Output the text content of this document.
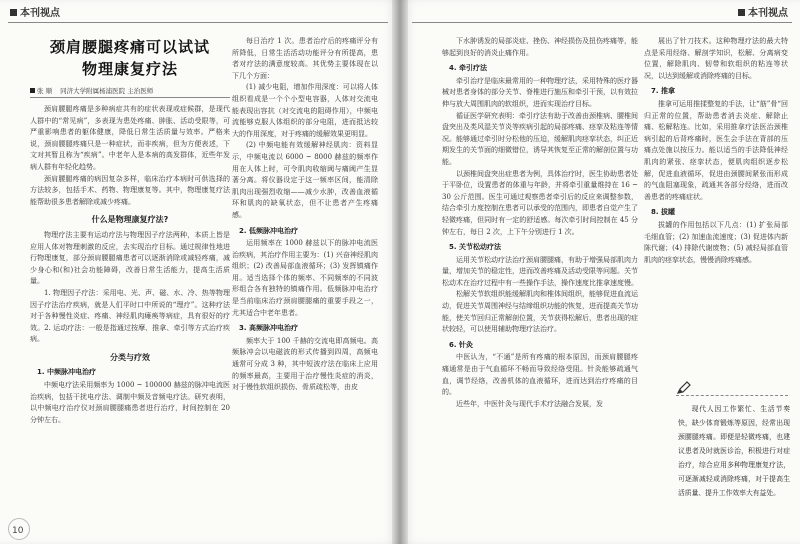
本刊视点
颈肩腰腿疼痛可以试试
物理康复疗法
张 顺 同济大学附属杨浦医院 主治医师

颈肩腰腿疼痛是多种病症共有的症状表现或症候群，是现代人群中的“常见病”，多表现为患处疼痛、肿胀、活动受限等，可严重影响患者的躯体健康，降低日常生活质量与效率。严格来说，颈肩腰腿疼痛只是一种症状，而非疾病，但为方便表述，下文对其暂且称为“疾病”。中老年人是本病的高发群体，近些年发病人群有年轻化趋势。

颈肩腰腿疼痛的病因复杂多样，临床治疗本病时可供选择的方法较多，包括手术、药物、物理康复等。其中，物理康复疗法能帮助很多患者解除或减少疼痛。

什么是物理康复疗法?

物理疗法主要有运动疗法与物理因子疗法两种，本质上皆是应用人体对物理刺激的反应，去实现治疗目标。通过规律性地进行物理康复，部分颈肩腰腿痛患者可以逐渐消除或减轻疼痛，减少身心和(和)社会功能障碍，改善日常生活能力，提高生活质量。

1. 物理因子疗法：采用电、光、声、磁、水、冷、热等物理因子疗法治疗疾病，就是人们平时口中所说的“理疗”。这种疗法对于各种慢性炎症、疼痛、神经肌肉瘫痪等病症，具有很好的疗效。2. 运动疗法：一般是指通过按摩、推拿、牵引等方式治疗疾病。

分类与疗效
1. 中频脉冲电治疗

中频电疗法采用频率为 1000 ~ 100000 赫兹的脉冲电流医治疾病，包括干扰电疗法、调制中频及音频电疗法。研究表明，以中频电疗治疗仪对颈肩腰腿痛患者进行治疗，时间控制在 20 分钟左右。

每日治疗 1 次。患者治疗后的疼痛评分有所降低，日常生活活动功能评分有所提高，患者对疗法的满意度较高。其优势主要体现在以下几个方面：

(1) 减少电阻，增加作用深度：可以将人体组织看成是一个个小型电容器，人体对交流电能表现出容抗（对交流电的阻碍作用），中频电流能够克服人体组织的部分电阻，进而抵达较大的作用深度，对于疼痛的缓解效果更明显。

(2) 中频电能有效缓解神经肌肉：资料显示，中频电流以 6000 ~ 8000 赫兹的频率作用在人体上时，可令肌肉收缩阈与痛阈产生显著分离。将仪器设定于这一频率区间，能清除肌肉出现强烈收缩——减少水肿，改善血液循环和肌肉的缺氧状态，但不让患者产生疼痛感。

2. 低频脉冲电治疗

运用频率在 1000 赫兹以下的脉冲电流医治疾病，其治疗作用主要为：(1) 兴奋神经肌肉组织；(2) 改善局部血液循环；(3) 发挥镇痛作用。适当选择个体的频率、不同频率的不同波形组合各有独特的镇痛作用。低频脉冲电治疗是当前临床治疗颈肩腰腿痛的重要手段之一，尤其适合中老年患者。

3. 高频脉冲电治疗

频率大于 100 千赫的交流电即高频电。高频脉冲会以电磁波的形式传播到四周，高频电通常可分成 3 种，其中短波疗法在临床上应用的频率最高，主要用于治疗慢性炎症的消炎，对于慢性软组织损伤、骨质疏松等，由皮

10
本刊视点

下水肿诱发的局部炎症、挫伤、神经损伤及扭伤疼痛等，能够起到良好的消炎止痛作用。

4. 牵引疗法

牵引治疗是临床最常用的一种物理疗法，采用特殊的医疗器械对患者身体的部分关节、脊椎进行施压和牵引干预，以有效拉伸与放大周围肌肉的软组织，进而实现治疗目标。

循证医学研究表明：牵引疗法有助于改善由颈椎病、腰椎间盘突出及类风湿关节炎等疾病引起的局部疼痛、痉挛及粘连等情况。能够通过牵引时分松他的压迫，缓解肌肉痉挛状态，纠正近期发生的关节面的细微错位，诱导其恢复至正常的解剖位置与功能。

以颈椎间盘突出症患者为例，具体治疗时，医生协助患者处于平卧位，设置患者的体重与年龄，并将牵引重量维持在 16 ~ 30 公斤范围。医生可通过观察患者牵引后的反应来调整参数，结合牵引力度控制在患者可以承受的范围内，即患者自觉产生了轻微疼痛，但同时有一定的舒适感。每次牵引时间控制在 45 分钟左右，每日 2 次，上下午分别进行 1 次。

5. 关节松动疗法

运用关节松动疗法治疗颈肩腰腿痛，有助于增强局部肌肉力量，增加关节的稳定性，进而改善疼痛及活动受限等问题。关节松动术在治疗过程中有一些操作手法，操作速度比推拿速度慢。

松解关节软组织能缓解肌肉和椎体间组织，能够促进血流运动，促进关节周围神经与结缔组织功能的恢复，进而提高关节功能，使关节回归正常解剖位置，关节获得松解后，患者出现的症状较轻，可以使用辅助物理疗法治疗。

6. 针灸

中医认为，“不通”是所有疼痛的根本原因，而颈肩腰腿疼痛通常是由于气血循环不畅而导致经络受阻。针灸能够疏通气血，调节经络，改善机体的血液循环，进而达到治疗疼痛的目的。

近些年，中医针灸与现代手术疗法融合发展，发

展出了针刀技术。这种物理疗法的最大特点是采用经络、解剖学知识，松解、分离病变位置，解除肌肉、韧带和软组织的粘连等状况，以达到缓解或消除疼痛的目标。

7. 推拿

推拿可运用推揉整复的手法，让“筋”骨“回归正常的位置，帮助患者消去炎症、解除止痛、松解粘连。比如，采用推拿疗法医治颈椎病引起的后背疼痛时，医生会手法在背部的压痛点处施以按压力。能以适当的手法降低神经肌肉的紧张、痉挛状态，便肌肉组织逐步松解，促进血液循环，促进由颈腰间紧张而形成的气血阻塞现象，疏通其各部分经络，进而改善患者的疼痛症状。

8. 拔罐

拔罐的作用包括以下几点：(1) 扩张局部毛细血管；(2) 加速血流速度；(3) 促进体内新陈代谢；(4) 排除代谢废物；(5) 减轻局部血管肌肉的痉挛状态，慢慢消除疼痛感。

现代人因工作繁忙、生活节奏快，缺少体育锻炼等原因，经常出现颈腰腿疼痛。即便是轻微疼痛，也建议患者及时就医诊治，积极进行对症治疗，综合应用多种物理康复疗法，可逐渐减轻或消除疼痛，对于提高生活质量、提升工作效率大有益处。
